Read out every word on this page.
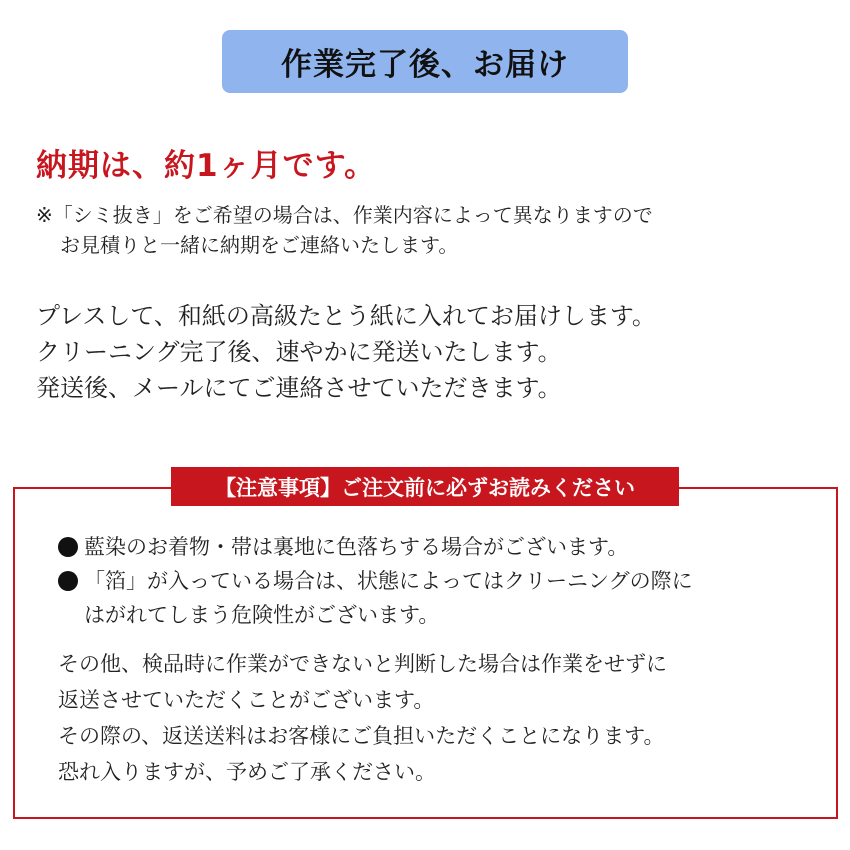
作業完了後、お届け
納期は、約1ヶ月です。
※「シミ抜き」をご希望の場合は、作業内容によって異なりますので
お見積りと一緒に納期をご連絡いたします。
プレスして、和紙の高級たとう紙に入れてお届けします。
クリーニング完了後、速やかに発送いたします。
発送後、メールにてご連絡させていただきます。
【注意事項】ご注文前に必ずお読みください
藍染のお着物・帯は裏地に色落ちする場合がございます。
「箔」が入っている場合は、状態によってはクリーニングの際に
はがれてしまう危険性がございます。
その他、検品時に作業ができないと判断した場合は作業をせずに
返送させていただくことがございます。
その際の、返送送料はお客様にご負担いただくことになります。
恐れ入りますが、予めご了承ください。
